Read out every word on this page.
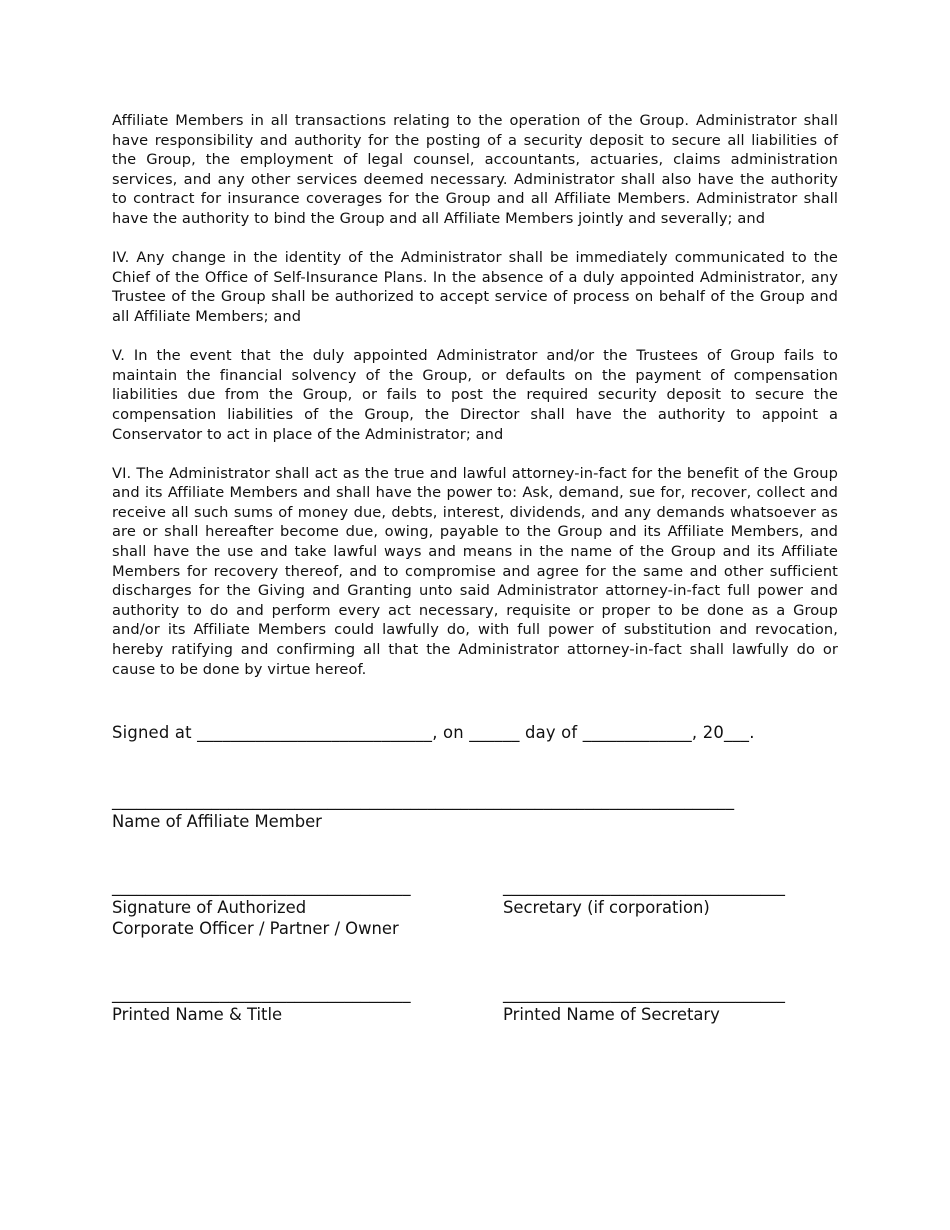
Affiliate Members in all transactions relating to the operation of the Group. Administrator shall have responsibility and authority for the posting of a security deposit to secure all liabilities of the Group, the employment of legal counsel, accountants, actuaries, claims administration services, and any other services deemed necessary. Administrator shall also have the authority to contract for insurance coverages for the Group and all Affiliate Members. Administrator shall have the authority to bind the Group and all Affiliate Members jointly and severally; and

IV. Any change in the identity of the Administrator shall be immediately communicated to the Chief of the Office of Self-Insurance Plans. In the absence of a duly appointed Administrator, any Trustee of the Group shall be authorized to accept service of process on behalf of the Group and all Affiliate Members; and

V. In the event that the duly appointed Administrator and/or the Trustees of Group fails to maintain the financial solvency of the Group, or defaults on the payment of compensation liabilities due from the Group, or fails to post the required security deposit to secure the compensation liabilities of the Group, the Director shall have the authority to appoint a Conservator to act in place of the Administrator; and

VI. The Administrator shall act as the true and lawful attorney-in-fact for the benefit of the Group and its Affiliate Members and shall have the power to: Ask, demand, sue for, recover, collect and receive all such sums of money due, debts, interest, dividends, and any demands whatsoever as are or shall hereafter become due, owing, payable to the Group and its Affiliate Members, and shall have the use and take lawful ways and means in the name of the Group and its Affiliate Members for recovery thereof, and to compromise and agree for the same and other sufficient discharges for the Giving and Granting unto said Administrator attorney-in-fact full power and authority to do and perform every act necessary, requisite or proper to be done as a Group and/or its Affiliate Members could lawfully do, with full power of substitution and revocation, hereby ratifying and confirming all that the Administrator attorney-in-fact shall lawfully do or cause to be done by virtue hereof.

Signed at ____________________________, on ______ day of _____________, 20___.
___________________________________________________________________________
Name of Affiliate Member
____________________________________
Signature of Authorized
Corporate Officer / Partner / Owner
__________________________________
Secretary (if corporation)
____________________________________
Printed Name & Title
__________________________________
Printed Name of Secretary
